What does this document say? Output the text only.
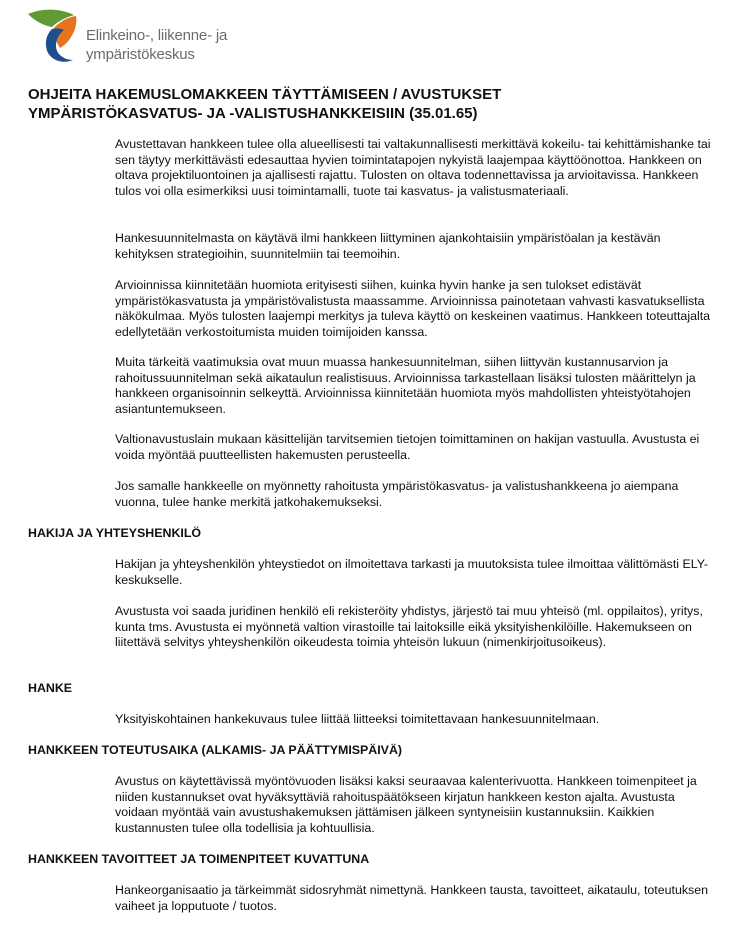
Elinkeino-, liikenne- ja
ympäristökeskus
OHJEITA HAKEMUSLOMAKKEEN TÄYTTÄMISEEN / AVUSTUKSET
YMPÄRISTÖKASVATUS- JA -VALISTUSHANKKEISIIN (35.01.65)
Avustettavan hankkeen tulee olla alueellisesti tai valtakunnallisesti merkittävä kokeilu- tai kehittämishanke tai sen täytyy merkittävästi edesauttaa hyvien toimintatapojen nykyistä laajempaa käyttöönottoa. Hankkeen on oltava projektiluontoinen ja ajallisesti rajattu. Tulosten on oltava todennettavissa ja arvioitavissa. Hankkeen tulos voi olla esimerkiksi uusi toimintamalli, tuote tai kasvatus- ja valistusmateriaali.
Hankesuunnitelmasta on käytävä ilmi hankkeen liittyminen ajankohtaisiin ympäristöalan ja kestävän kehityksen strategioihin, suunnitelmiin tai teemoihin.
Arvioinnissa kiinnitetään huomiota erityisesti siihen, kuinka hyvin hanke ja sen tulokset edistävät ympäristökasvatusta ja ympäristövalistusta maassamme. Arvioinnissa painotetaan vahvasti kasvatuksellista näkökulmaa. Myös tulosten laajempi merkitys ja tuleva käyttö on keskeinen vaatimus. Hankkeen toteuttajalta edellytetään verkostoitumista muiden toimijoiden kanssa.
Muita tärkeitä vaatimuksia ovat muun muassa hankesuunnitelman, siihen liittyvän kustannusarvion ja rahoitussuunnitelman sekä aikataulun realistisuus. Arvioinnissa tarkastellaan lisäksi tulosten määrittelyn ja hankkeen organisoinnin selkeyttä. Arvioinnissa kiinnitetään huomiota myös mahdollisten yhteistyötahojen asiantuntemukseen.
Valtionavustuslain mukaan käsittelijän tarvitsemien tietojen toimittaminen on hakijan vastuulla. Avustusta ei voida myöntää puutteellisten hakemusten perusteella.
Jos samalle hankkeelle on myönnetty rahoitusta ympäristökasvatus- ja valistushankkeena jo aiempana vuonna, tulee hanke merkitä jatkohakemukseksi.
HAKIJA JA YHTEYSHENKILÖ
Hakijan ja yhteyshenkilön yhteystiedot on ilmoitettava tarkasti ja muutoksista tulee ilmoittaa välittömästi ELY-keskukselle.
Avustusta voi saada juridinen henkilö eli rekisteröity yhdistys, järjestö tai muu yhteisö (ml. oppilaitos), yritys, kunta tms. Avustusta ei myönnetä valtion virastoille tai laitoksille eikä yksityishenkilöille. Hakemukseen on liitettävä selvitys yhteyshenkilön oikeudesta toimia yhteisön lukuun (nimenkirjoitusoikeus).
HANKE
Yksityiskohtainen hankekuvaus tulee liittää liitteeksi toimitettavaan hankesuunnitelmaan.
HANKKEEN TOTEUTUSAIKA (ALKAMIS- JA PÄÄTTYMISPÄIVÄ)
Avustus on käytettävissä myöntövuoden lisäksi kaksi seuraavaa kalenterivuotta. Hankkeen toimenpiteet ja niiden kustannukset ovat hyväksyttäviä rahoituspäätökseen kirjatun hankkeen keston ajalta. Avustusta voidaan myöntää vain avustushakemuksen jättämisen jälkeen syntyneisiin kustannuksiin. Kaikkien kustannusten tulee olla todellisia ja kohtuullisia.
HANKKEEN TAVOITTEET JA TOIMENPITEET KUVATTUNA
Hankeorganisaatio ja tärkeimmät sidosryhmät nimettynä. Hankkeen tausta, tavoitteet, aikataulu, toteutuksen vaiheet ja lopputuote / tuotos.
